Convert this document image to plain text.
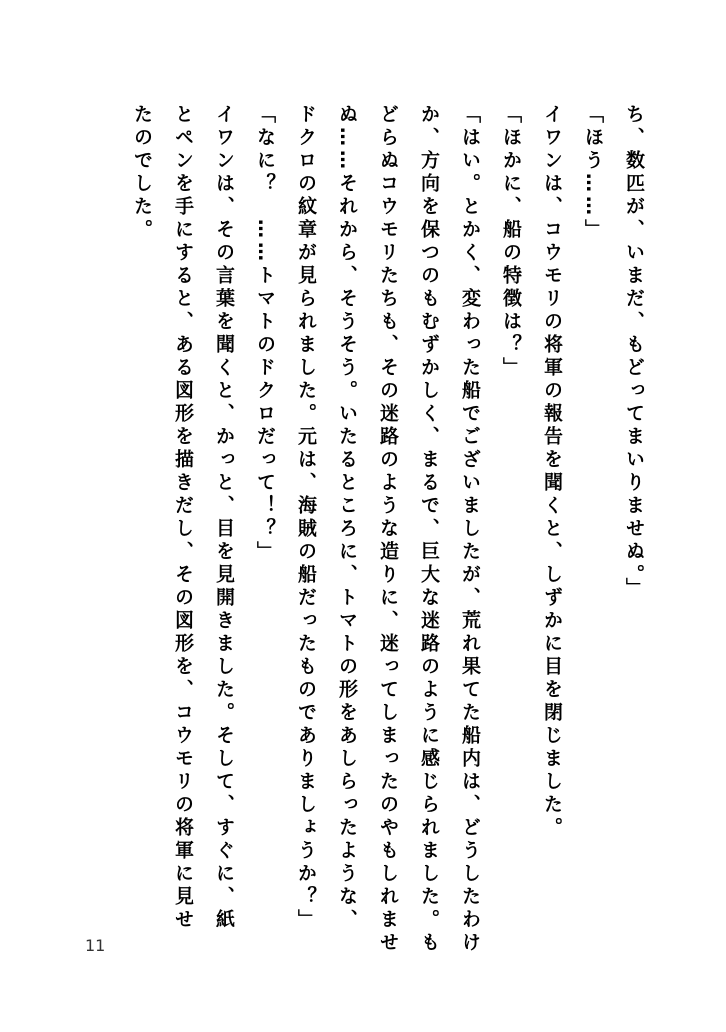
ち、数匹が、いまだ、もどってまいりませぬ。」
「ほう……」
イワンは、コウモリの将軍の報告を聞くと、しずかに目を閉じました。
「ほかに、船の特徴は？」
「はい。とかく、変わった船でございましたが、荒れ果てた船内は、どうしたわけ
か、方向を保つのもむずかしく、まるで、巨大な迷路のように感じられました。も
どらぬコウモリたちも、その迷路のような造りに、迷ってしまったのやもしれませ
ぬ……それから、そうそう。いたるところに、トマトの形をあしらったような、
ドクロの紋章が見られました。元は、海賊の船だったものでありましょうか？」
「なに？　……トマトのドクロだって！？」
イワンは、その言葉を聞くと、かっと、目を見開きました。そして、すぐに、紙
とペンを手にすると、ある図形を描きだし、その図形を、コウモリの将軍に見せ
たのでした。
11
